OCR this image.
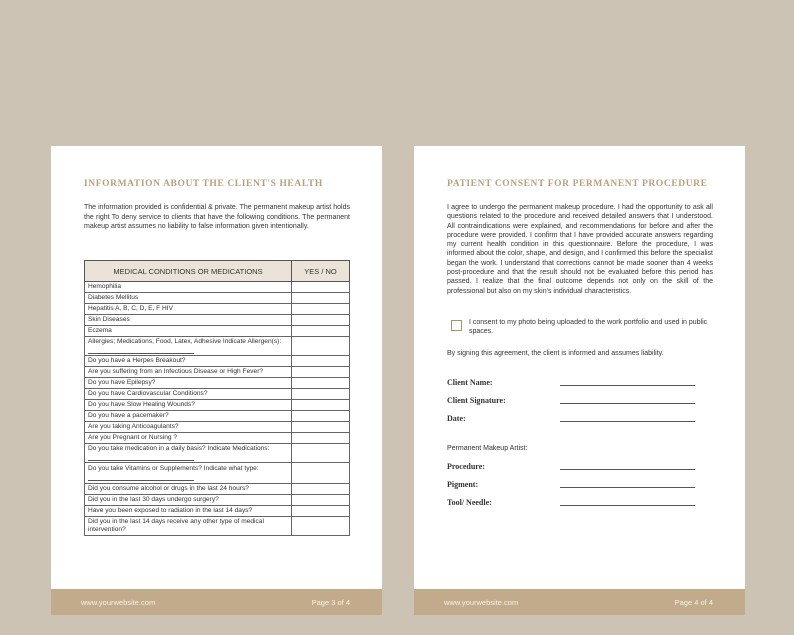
INFORMATION ABOUT THE CLIENT'S HEALTH
The information provided is confidential & private. The permanent makeup artist holds the right To deny service to clients that have the following conditions. The permanent makeup artist assumes no liability to false information given intentionally.
MEDICAL CONDITIONS OR MEDICATIONS	YES / NO
Hemophilia	
Diabetes Mellitus	
Hepatitis A, B, C, D, E, F HIV	
Skin Diseases	
Eczema	
Allergies; Medications, Food, Latex, Adhesive Indicate Allergen(s):	
Do you have a Herpes Breakout?	
Are you suffering from an Infectious Disease or High Fever?	
Do you have Epilepsy?	
Do you have Cardiovascular Conditions?	
Do you have Slow Healing Wounds?	
Do you have a pacemaker?	
Are you taking Anticoagulants?	
Are you Pregnant or Nursing ?	
Do you take medication in a daily basis? Indicate Medications:	
Do you take Vitamins or Supplements? Indicate what type:

Did you consume alcohol or drugs in the last 24 hours?	
Did you in the last 30 days undergo surgery?	
Have you been exposed to radiation in the last 14 days?	
Did you in the last 14 days receive any other type of medical intervention?	
www.yourwebsite.com	Page 3 of 4
PATIENT CONSENT FOR PERMANENT PROCEDURE
I agree to undergo the permanent makeup procedure. I had the opportunity to ask all questions related to the procedure and received detailed answers that I understood. All contraindications were explained, and recommendations for before and after the procedure were provided. I confirm that I have provided accurate answers regarding my current health condition in this questionnaire. Before the procedure, I was informed about the color, shape, and design, and I confirmed this before the specialist began the work. I understand that corrections cannot be made sooner than 4 weeks post-procedure and that the result should not be evaluated before this period has passed. I realize that the final outcome depends not only on the skill of the professional but also on my skin's individual characteristics.
I consent to my photo being uploaded to the work portfolio and used in public spaces.
By signing this agreement, the client is informed and assumes liability.
Client Name:
Client Signature:
Date:
Permanent Makeup Artist:
Procedure:
Pigment:
Tool/ Needle:
www.yourwebsite.com	Page 4 of 4
